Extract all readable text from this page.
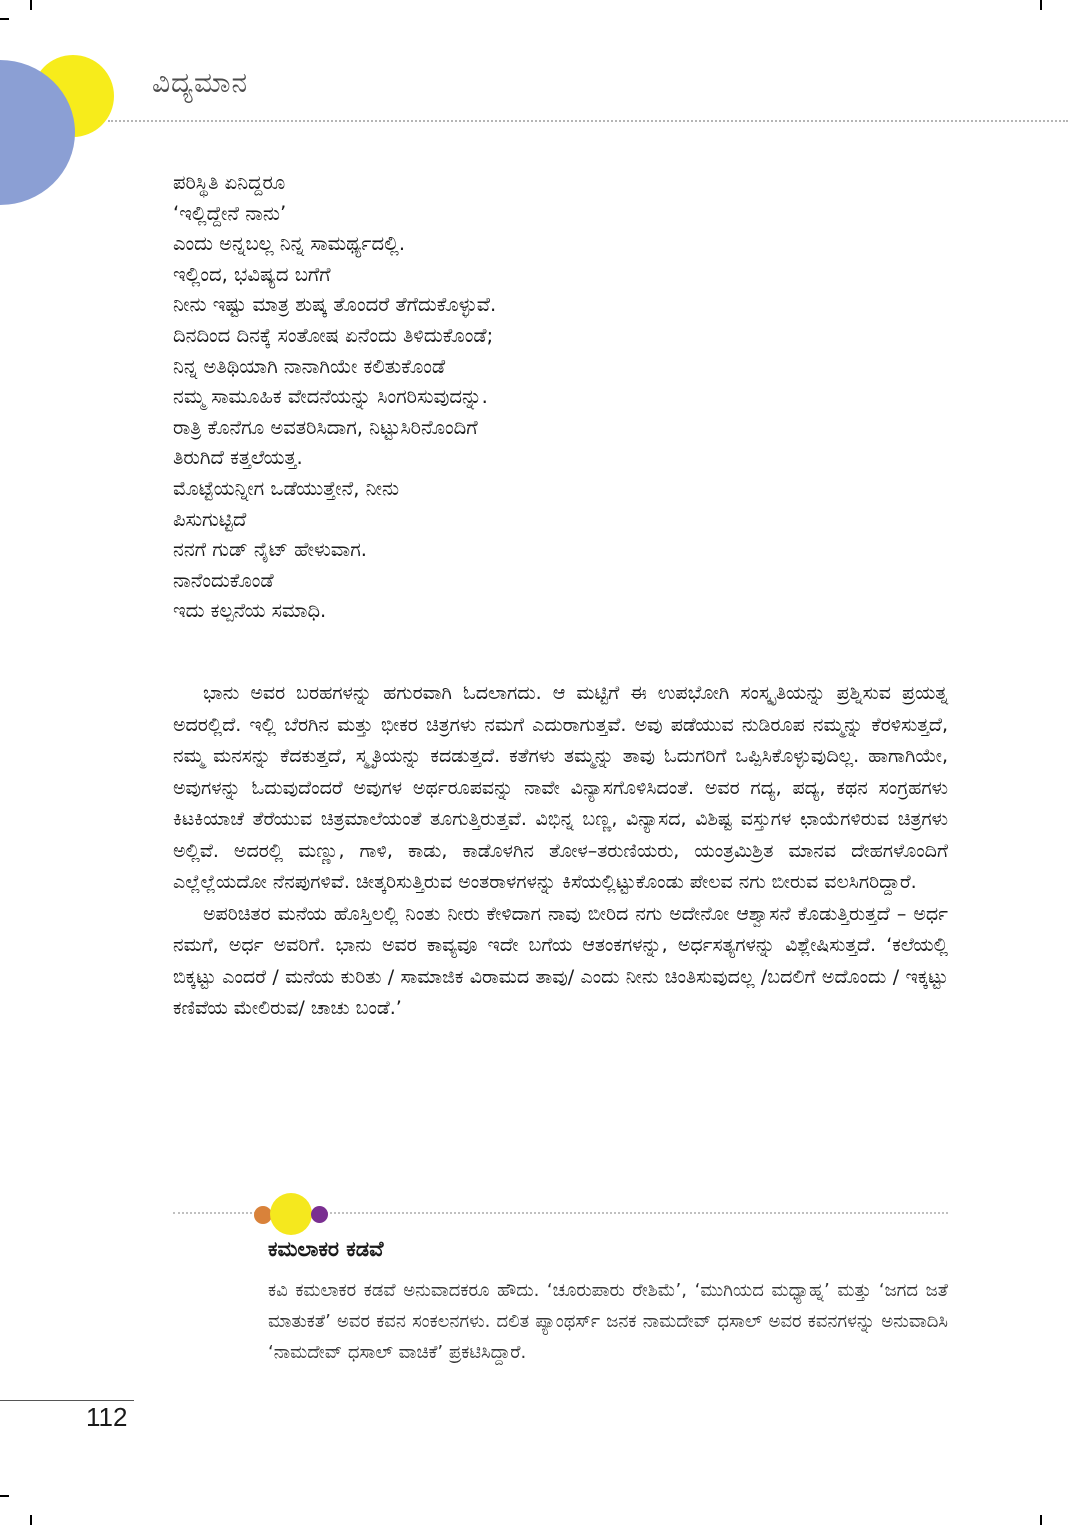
ವಿದ್ಯಮಾನ
ಪರಿಸ್ಥಿತಿ ಏನಿದ್ದರೂ
‘ಇಲ್ಲಿದ್ದೇನೆ ನಾನು’
ಎಂದು ಅನ್ನಬಲ್ಲ ನಿನ್ನ ಸಾಮರ್ಥ್ಯದಲ್ಲಿ.
ಇಲ್ಲಿಂದ, ಭವಿಷ್ಯದ ಬಗೆಗೆ
ನೀನು ಇಷ್ಟು ಮಾತ್ರ ಶುಷ್ಕ ತೊಂದರೆ ತೆಗೆದುಕೊಳ್ಳುವೆ.
ದಿನದಿಂದ ದಿನಕ್ಕೆ ಸಂತೋಷ ಏನೆಂದು ತಿಳಿದುಕೊಂಡೆ;
ನಿನ್ನ ಅತಿಥಿಯಾಗಿ ನಾನಾಗಿಯೇ ಕಲಿತುಕೊಂಡೆ
ನಮ್ಮ ಸಾಮೂಹಿಕ ವೇದನೆಯನ್ನು ಸಿಂಗರಿಸುವುದನ್ನು.
ರಾತ್ರಿ ಕೊನೆಗೂ ಅವತರಿಸಿದಾಗ, ನಿಟ್ಟುಸಿರಿನೊಂದಿಗೆ
ತಿರುಗಿದೆ ಕತ್ತಲೆಯತ್ತ.
ಮೊಟ್ಟೆಯನ್ನೀಗ ಒಡೆಯುತ್ತೇನೆ, ನೀನು
ಪಿಸುಗುಟ್ಟಿದೆ
ನನಗೆ ಗುಡ್ ನೈಟ್ ಹೇಳುವಾಗ.
ನಾನೆಂದುಕೊಂಡೆ
ಇದು ಕಲ್ಪನೆಯ ಸಮಾಧಿ.

ಭಾನು ಅವರ ಬರಹಗಳನ್ನು ಹಗುರವಾಗಿ ಓದಲಾಗದು. ಆ ಮಟ್ಟಿಗೆ ಈ ಉಪಭೋಗಿ ಸಂಸ್ಕೃತಿಯನ್ನು ಪ್ರಶ್ನಿಸುವ ಪ್ರಯತ್ನ ಅದರಲ್ಲಿದೆ. ಇಲ್ಲಿ ಬೆರಗಿನ ಮತ್ತು ಭೀಕರ ಚಿತ್ರಗಳು ನಮಗೆ ಎದುರಾಗುತ್ತವೆ. ಅವು ಪಡೆಯುವ ನುಡಿರೂಪ ನಮ್ಮನ್ನು ಕೆರಳಿಸುತ್ತದೆ, ನಮ್ಮ ಮನಸನ್ನು ಕೆದಕುತ್ತದೆ, ಸ್ಮೃತಿಯನ್ನು ಕದಡುತ್ತದೆ. ಕತೆಗಳು ತಮ್ಮನ್ನು ತಾವು ಓದುಗರಿಗೆ ಒಪ್ಪಿಸಿಕೊಳ್ಳುವುದಿಲ್ಲ. ಹಾಗಾಗಿಯೇ, ಅವುಗಳನ್ನು ಓದುವುದೆಂದರೆ ಅವುಗಳ ಅರ್ಥರೂಪವನ್ನು ನಾವೇ ವಿನ್ಯಾಸಗೊಳಿಸಿದಂತೆ. ಅವರ ಗದ್ಯ, ಪದ್ಯ, ಕಥನ ಸಂಗ್ರಹಗಳು ಕಿಟಕಿಯಾಚೆ ತೆರೆಯುವ ಚಿತ್ರಮಾಲೆಯಂತೆ ತೂಗುತ್ತಿರುತ್ತವೆ. ವಿಭಿನ್ನ ಬಣ್ಣ, ವಿನ್ಯಾಸದ, ವಿಶಿಷ್ಟ ವಸ್ತುಗಳ ಛಾಯೆಗಳಿರುವ ಚಿತ್ರಗಳು ಅಲ್ಲಿವೆ. ಅದರಲ್ಲಿ ಮಣ್ಣು, ಗಾಳಿ, ಕಾಡು, ಕಾಡೊಳಗಿನ ತೋಳ–ತರುಣಿಯರು, ಯಂತ್ರಮಿಶ್ರಿತ ಮಾನವ ದೇಹಗಳೊಂದಿಗೆ ಎಲ್ಲೆಲ್ಲೆಯದೋ ನೆನಪುಗಳಿವೆ. ಚೀತ್ಕರಿಸುತ್ತಿರುವ ಅಂತರಾಳಗಳನ್ನು ಕಿಸೆಯಲ್ಲಿಟ್ಟುಕೊಂಡು ಪೇಲವ ನಗು ಬೀರುವ ವಲಸಿಗರಿದ್ದಾರೆ.

ಅಪರಿಚಿತರ ಮನೆಯ ಹೊಸ್ತಿಲಲ್ಲಿ ನಿಂತು ನೀರು ಕೇಳಿದಾಗ ನಾವು ಬೀರಿದ ನಗು ಅದೇನೋ ಆಶ್ವಾಸನೆ ಕೊಡುತ್ತಿರುತ್ತದೆ – ಅರ್ಧ ನಮಗೆ, ಅರ್ಧ ಅವರಿಗೆ. ಭಾನು ಅವರ ಕಾವ್ಯವೂ ಇದೇ ಬಗೆಯ ಆತಂಕಗಳನ್ನು, ಅರ್ಧಸತ್ಯಗಳನ್ನು ವಿಶ್ಲೇಷಿಸುತ್ತದೆ. ‘ಕಲೆಯಲ್ಲಿ ಬಿಕ್ಕಟ್ಟು ಎಂದರೆ / ಮನೆಯ ಕುರಿತು / ಸಾಮಾಜಿಕ ವಿರಾಮದ ತಾವು/ ಎಂದು ನೀನು ಚಿಂತಿಸುವುದಲ್ಲ /ಬದಲಿಗೆ ಅದೊಂದು / ಇಕ್ಕಟ್ಟು ಕಣಿವೆಯ ಮೇಲಿರುವ/ ಚಾಚು ಬಂಡೆ.’

ಕಮಲಾಕರ ಕಡವೆ

ಕವಿ ಕಮಲಾಕರ ಕಡವೆ ಅನುವಾದಕರೂ ಹೌದು. ‘ಚೂರುಪಾರು ರೇಶಿಮೆ’, ‘ಮುಗಿಯದ ಮಧ್ಯಾಹ್ನ’ ಮತ್ತು ‘ಜಗದ ಜತೆ ಮಾತುಕತೆ’ ಅವರ ಕವನ ಸಂಕಲನಗಳು. ದಲಿತ ಪ್ಯಾಂಥರ್ಸ್ ಜನಕ ನಾಮದೇವ್ ಧಸಾಲ್ ಅವರ ಕವನಗಳನ್ನು ಅನುವಾದಿಸಿ ‘ನಾಮದೇವ್ ಧಸಾಲ್ ವಾಚಿಕೆ’ ಪ್ರಕಟಿಸಿದ್ದಾರೆ.

112
